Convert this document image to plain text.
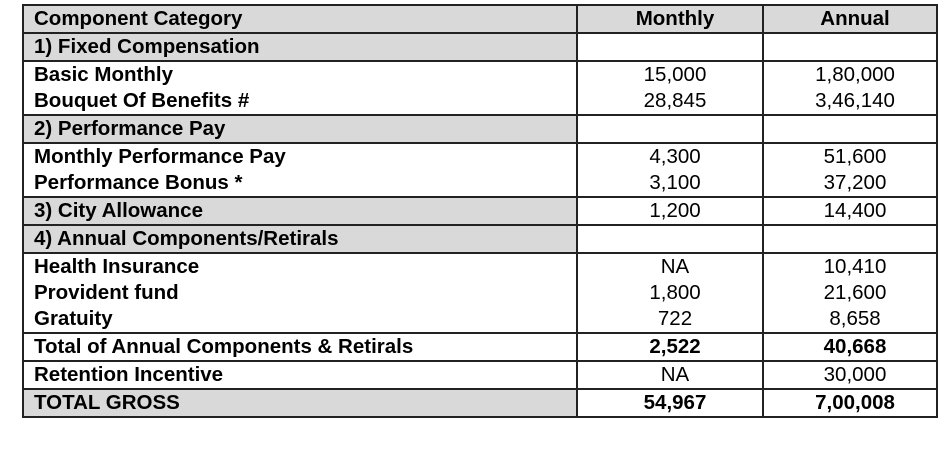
Component Category	Monthly	Annual
1) Fixed Compensation		
Basic Monthly	15,000	1,80,000
Bouquet Of Benefits #	28,845	3,46,140
2) Performance Pay		
Monthly Performance Pay	4,300	51,600
Performance Bonus *	3,100	37,200
3) City Allowance	1,200	14,400
4) Annual Components/Retirals		
Health Insurance	NA	10,410
Provident fund	1,800	21,600
Gratuity	722	8,658
Total of Annual Components & Retirals	2,522	40,668
Retention Incentive	NA	30,000
TOTAL GROSS	54,967	7,00,008
